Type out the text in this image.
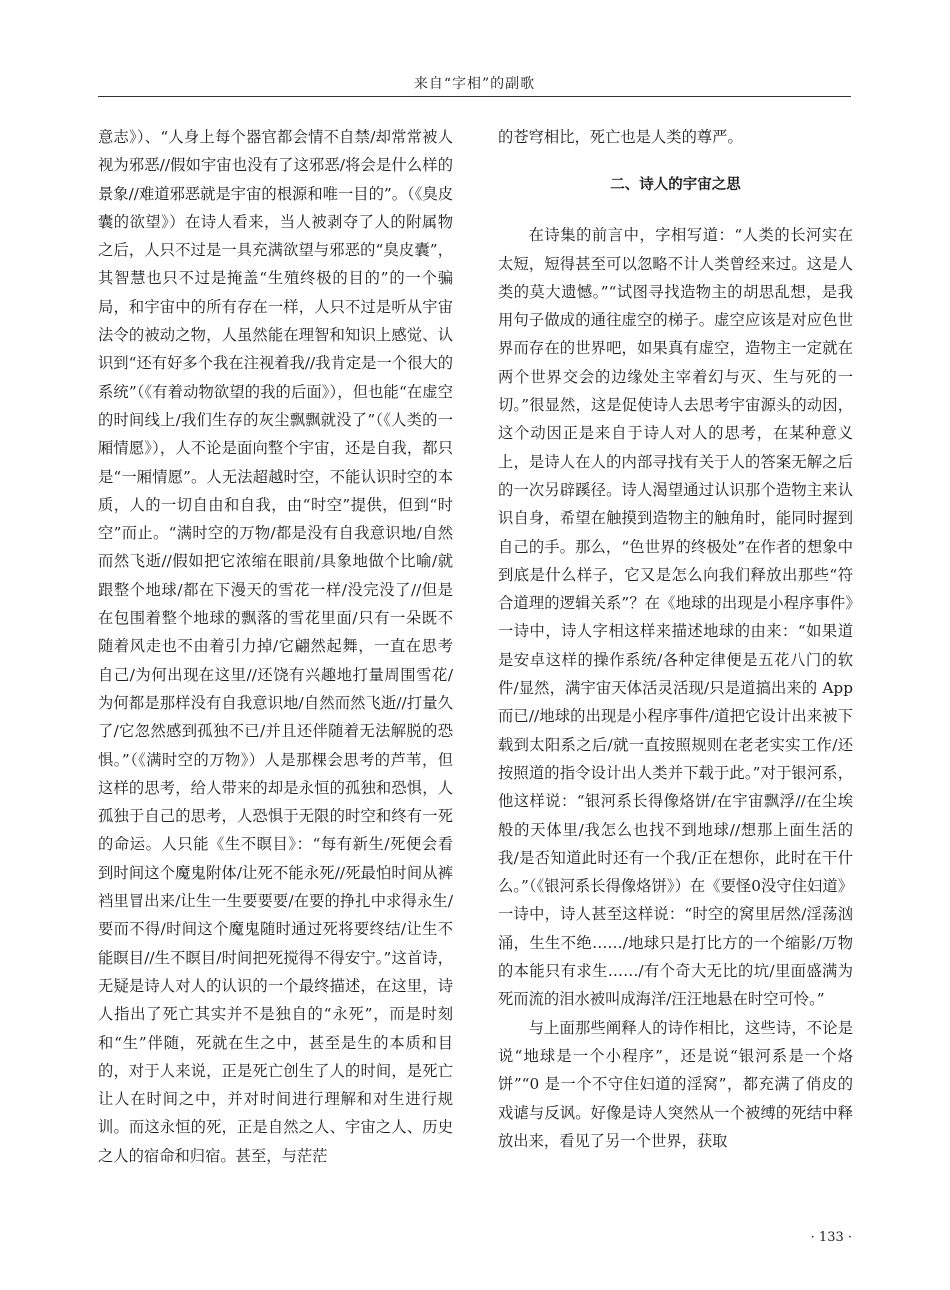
来自“字相”的副歌

意志》）、“人身上每个器官都会情不自禁/却常常被人视为邪恶//假如宇宙也没有了这邪恶/将会是什么样的景象//难道邪恶就是宇宙的根源和唯一目的”。（《臭皮囊的欲望》）在诗人看来，当人被剥夺了人的附属物之后，人只不过是一具充满欲望与邪恶的“臭皮囊”，其智慧也只不过是掩盖“生殖终极的目的”的一个骗局，和宇宙中的所有存在一样，人只不过是听从宇宙法令的被动之物，人虽然能在理智和知识上感觉、认识到“还有好多个我在注视着我//我肯定是一个很大的系统”（《有着动物欲望的我的后面》），但也能“在虚空的时间线上/我们生存的灰尘飘飘就没了”（《人类的一厢情愿》），人不论是面向整个宇宙，还是自我，都只是“一厢情愿”。人无法超越时空，不能认识时空的本质，人的一切自由和自我，由“时空”提供，但到“时空”而止。“满时空的万物/都是没有自我意识地/自然而然飞逝//假如把它浓缩在眼前/具象地做个比喻/就跟整个地球/都在下漫天的雪花一样/没完没了//但是在包围着整个地球的飘落的雪花里面/只有一朵既不随着风走也不由着引力掉/它翩然起舞，一直在思考自己/为何出现在这里//还饶有兴趣地打量周围雪花/为何都是那样没有自我意识地/自然而然飞逝//打量久了/它忽然感到孤独不已/并且还伴随着无法解脱的恐惧。”（《满时空的万物》）人是那棵会思考的芦苇，但这样的思考，给人带来的却是永恒的孤独和恐惧，人孤独于自己的思考，人恐惧于无限的时空和终有一死的命运。人只能《生不瞑目》：“每有新生/死便会看到时间这个魔鬼附体/让死不能永死//死最怕时间从裤裆里冒出来/让生一生要要要/在要的挣扎中求得永生/要而不得/时间这个魔鬼随时通过死将要终结/让生不能瞑目//生不瞑目/时间把死搅得不得安宁。”这首诗，无疑是诗人对人的认识的一个最终描述，在这里，诗人指出了死亡其实并不是独自的“永死”，而是时刻和“生”伴随，死就在生之中，甚至是生的本质和目的，对于人来说，正是死亡创生了人的时间，是死亡让人在时间之中，并对时间进行理解和对生进行规训。而这永恒的死，正是自然之人、宇宙之人、历史之人的宿命和归宿。甚至，与茫茫

的苍穹相比，死亡也是人类的尊严。

二、诗人的宇宙之思

在诗集的前言中，字相写道：“人类的长河实在太短，短得甚至可以忽略不计人类曾经来过。这是人类的莫大遗憾。”“试图寻找造物主的胡思乱想，是我用句子做成的通往虚空的梯子。虚空应该是对应色世界而存在的世界吧，如果真有虚空，造物主一定就在两个世界交会的边缘处主宰着幻与灭、生与死的一切。”很显然，这是促使诗人去思考宇宙源头的动因，这个动因正是来自于诗人对人的思考，在某种意义上，是诗人在人的内部寻找有关于人的答案无解之后的一次另辟蹊径。诗人渴望通过认识那个造物主来认识自身，希望在触摸到造物主的触角时，能同时握到自己的手。那么，“色世界的终极处”在作者的想象中到底是什么样子，它又是怎么向我们释放出那些“符合道理的逻辑关系”？在《地球的出现是小程序事件》一诗中，诗人字相这样来描述地球的由来：“如果道是安卓这样的操作系统/各种定律便是五花八门的软件/显然，满宇宙天体活灵活现/只是道搞出来的 App 而已//地球的出现是小程序事件/道把它设计出来被下载到太阳系之后/就一直按照规则在老老实实工作/还按照道的指令设计出人类并下载于此。”对于银河系，他这样说：“银河系长得像烙饼/在宇宙飘浮//在尘埃般的天体里/我怎么也找不到地球//想那上面生活的我/是否知道此时还有一个我/正在想你，此时在干什么。”（《银河系长得像烙饼》）在《要怪0没守住妇道》一诗中，诗人甚至这样说：“时空的窝里居然/淫荡汹涌，生生不绝……/地球只是打比方的一个缩影/万物的本能只有求生……/有个奇大无比的坑/里面盛满为死而流的泪水被叫成海洋/汪汪地悬在时空可怜。”

与上面那些阐释人的诗作相比，这些诗，不论是说“地球是一个小程序”，还是说“银河系是一个烙饼”“0 是一个不守住妇道的淫窝”，都充满了俏皮的戏谑与反讽。好像是诗人突然从一个被缚的死结中释放出来，看见了另一个世界，获取

· 133 ·
